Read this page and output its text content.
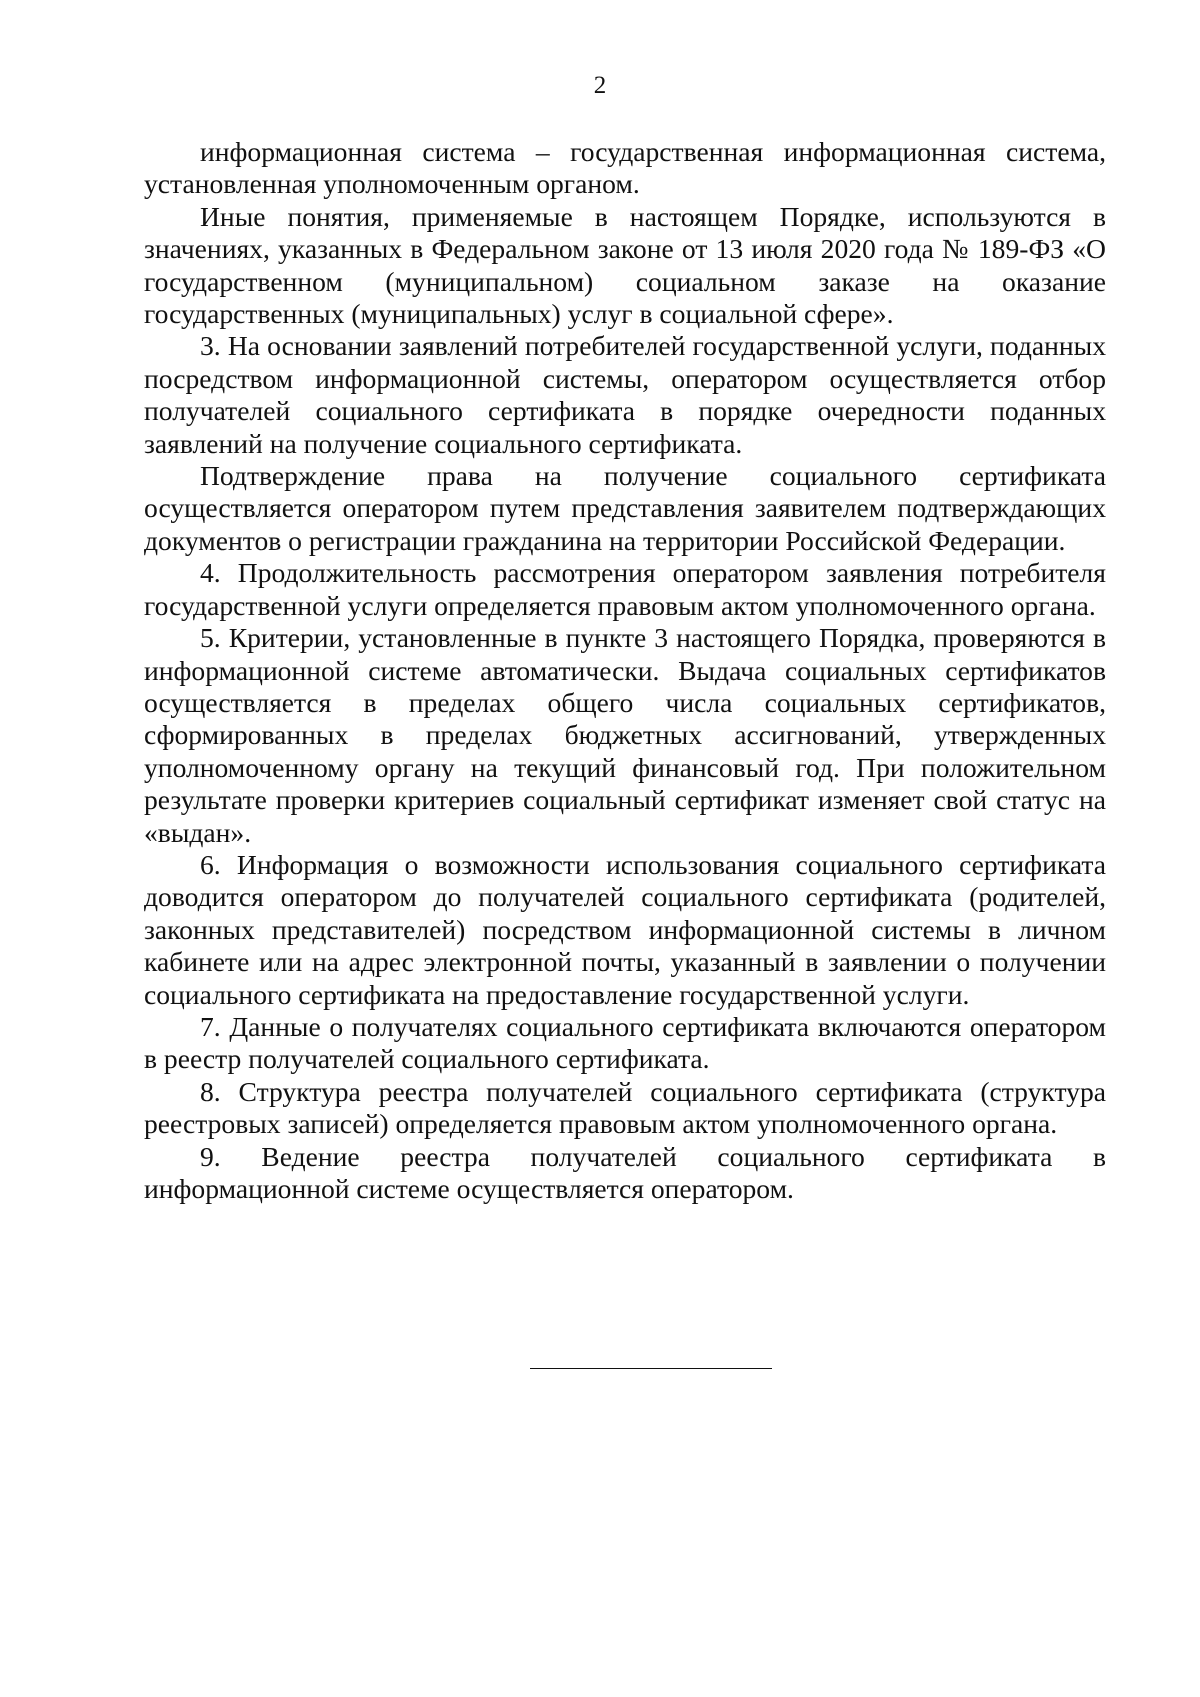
2

информационная система – государственная информационная система, установленная уполномоченным органом.

Иные понятия, применяемые в настоящем Порядке, используются в значениях, указанных в Федеральном законе от 13 июля 2020 года № 189-ФЗ «О государственном (муниципальном) социальном заказе на оказание государственных (муниципальных) услуг в социальной сфере».

3. На основании заявлений потребителей государственной услуги, поданных посредством информационной системы, оператором осуществляется отбор получателей социального сертификата в порядке очередности поданных заявлений на получение социального сертификата.

Подтверждение права на получение социального сертификата осуществляется оператором путем представления заявителем подтверждающих документов о регистрации гражданина на территории Российской Федерации.

4. Продолжительность рассмотрения оператором заявления потребителя государственной услуги определяется правовым актом уполномоченного органа.

5. Критерии, установленные в пункте 3 настоящего Порядка, проверяются в информационной системе автоматически. Выдача социальных сертификатов осуществляется в пределах общего числа социальных сертификатов, сформированных в пределах бюджетных ассигнований, утвержденных уполномоченному органу на текущий финансовый год. При положительном результате проверки критериев социальный сертификат изменяет свой статус на «выдан».

6. Информация о возможности использования социального сертификата доводится оператором до получателей социального сертификата (родителей, законных представителей) посредством информационной системы в личном кабинете или на адрес электронной почты, указанный в заявлении о получении социального сертификата на предоставление государственной услуги.

7. Данные о получателях социального сертификата включаются оператором в реестр получателей социального сертификата.

8. Структура реестра получателей социального сертификата (структура реестровых записей) определяется правовым актом уполномоченного органа.

9. Ведение реестра получателей социального сертификата в информационной системе осуществляется оператором.
